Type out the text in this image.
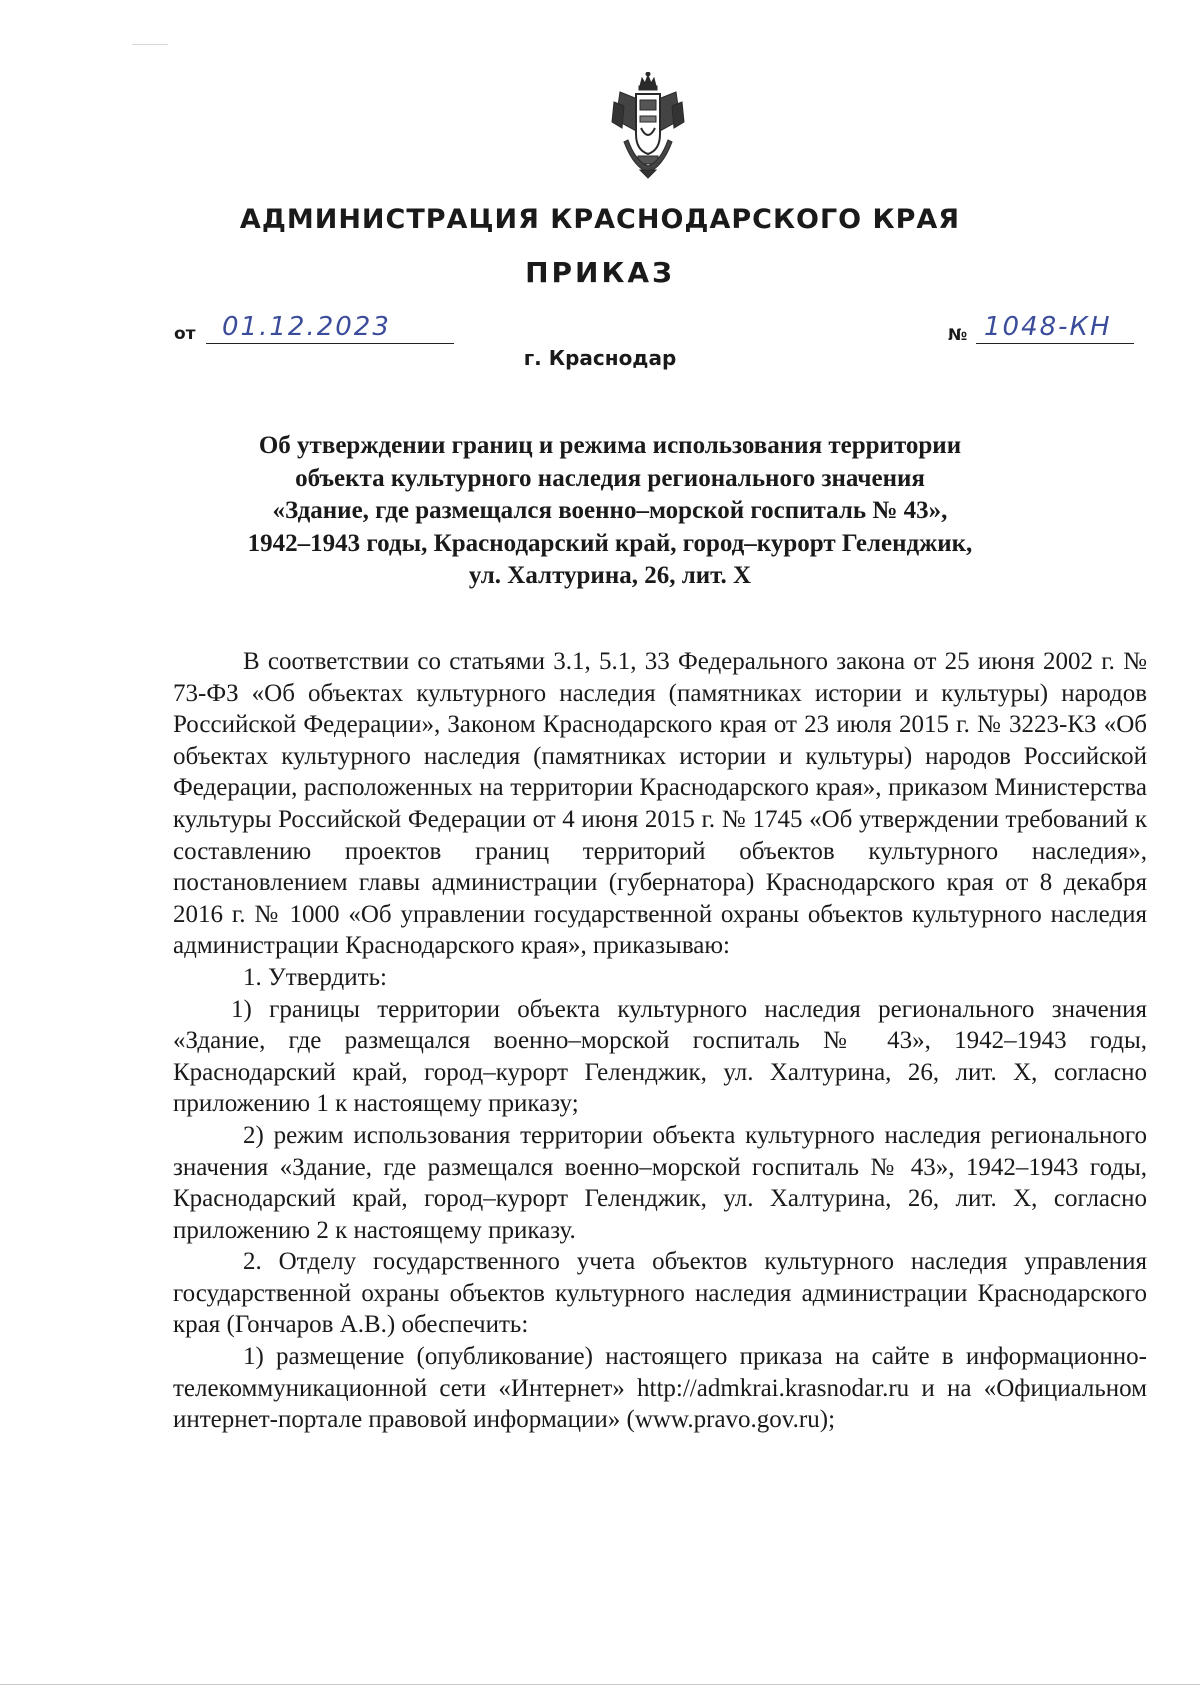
АДМИНИСТРАЦИЯ КРАСНОДАРСКОГО КРАЯ
ПРИКАЗ
от 01.12.2023	№ 1048-КН
г. Краснодар
Об утверждении границ и режима использования территории
объекта культурного наследия регионального значения
«Здание, где размещался военно–морской госпиталь № 43»,
1942–1943 годы, Краснодарский край, город–курорт Геленджик,
ул. Халтурина, 26, лит. Х

В соответствии со статьями 3.1, 5.1, 33 Федерального закона от 25 июня 2002 г. № 73-ФЗ «Об объектах культурного наследия (памятниках истории и культуры) народов Российской Федерации», Законом Краснодарского края от 23 июля 2015 г. № 3223-КЗ «Об объектах культурного наследия (памятниках истории и культуры) народов Российской Федерации, расположенных на территории Краснодарского края», приказом Министерства культуры Российской Федерации от 4 июня 2015 г. № 1745 «Об утверждении требований к составлению проектов границ территорий объектов культурного наследия», постановлением главы администрации (губернатора) Краснодарского края от 8 декабря 2016 г. № 1000 «Об управлении государственной охраны объектов культурного наследия администрации Краснодарского края», приказываю:

1. Утвердить:

1) границы территории объекта культурного наследия регионального значения «Здание, где размещался военно–морской госпиталь № 43», 1942–1943 годы, Краснодарский край, город–курорт Геленджик, ул. Халтурина, 26, лит. Х, согласно приложению 1 к настоящему приказу;

2) режим использования территории объекта культурного наследия регионального значения «Здание, где размещался военно–морской госпиталь № 43», 1942–1943 годы, Краснодарский край, город–курорт Геленджик, ул. Халтурина, 26, лит. Х, согласно приложению 2 к настоящему приказу.

2. Отделу государственного учета объектов культурного наследия управления государственной охраны объектов культурного наследия администрации Краснодарского края (Гончаров А.В.) обеспечить:

1) размещение (опубликование) настоящего приказа на сайте в информационно-телекоммуникационной сети «Интернет» http://admkrai.krasnodar.ru и на «Официальном интернет-портале правовой информации» (www.pravo.gov.ru);
